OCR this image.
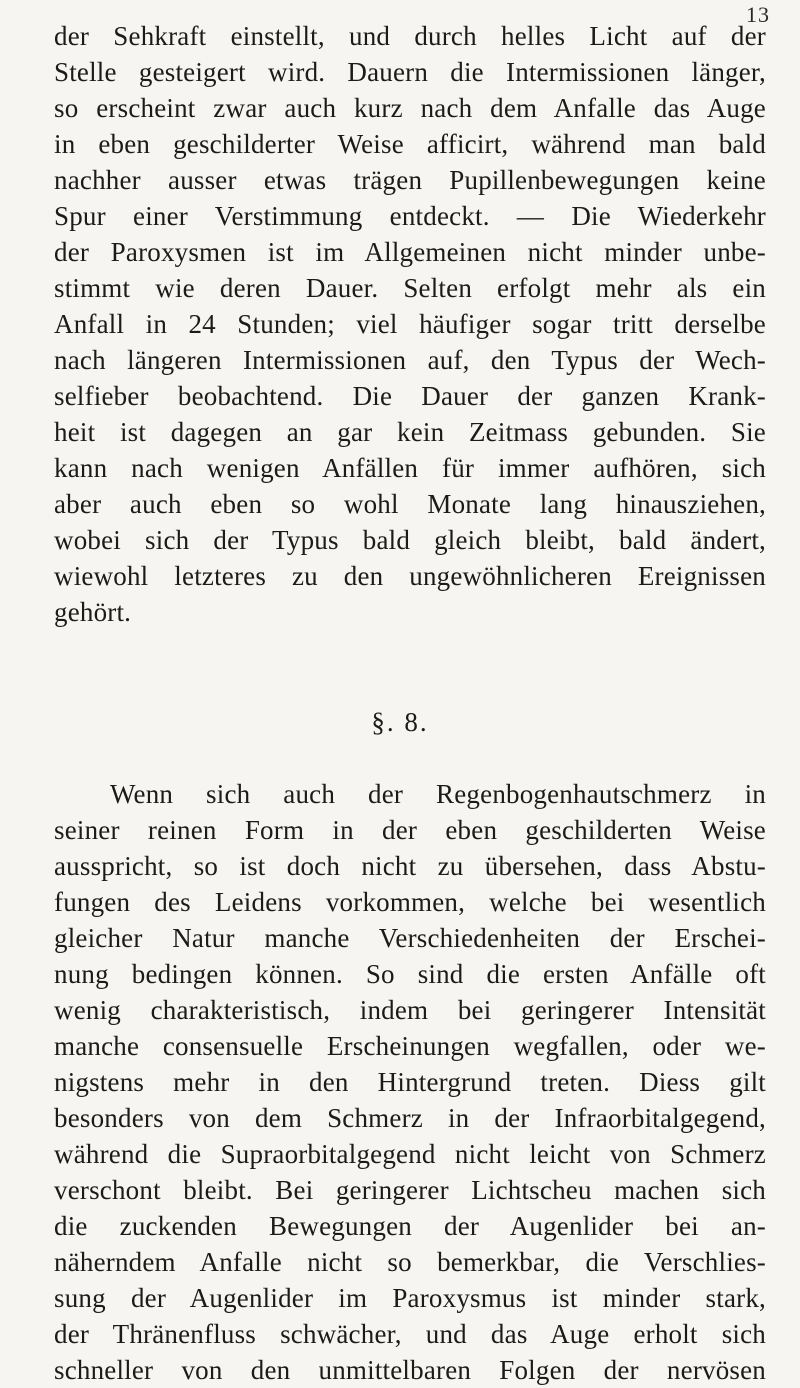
13
der Sehkraft einstellt, und durch helles Licht auf der
Stelle gesteigert wird. Dauern die Intermissionen länger,
so erscheint zwar auch kurz nach dem Anfalle das Auge
in eben geschilderter Weise afficirt, während man bald
nachher ausser etwas trägen Pupillenbewegungen keine
Spur einer Verstimmung entdeckt. — Die Wiederkehr
der Paroxysmen ist im Allgemeinen nicht minder unbe-
stimmt wie deren Dauer. Selten erfolgt mehr als ein
Anfall in 24 Stunden; viel häufiger sogar tritt derselbe
nach längeren Intermissionen auf, den Typus der Wech-
selfieber beobachtend. Die Dauer der ganzen Krank-
heit ist dagegen an gar kein Zeitmass gebunden. Sie
kann nach wenigen Anfällen für immer aufhören, sich
aber auch eben so wohl Monate lang hinausziehen,
wobei sich der Typus bald gleich bleibt, bald ändert,
wiewohl letzteres zu den ungewöhnlicheren Ereignissen
gehört.
§. 8.
Wenn sich auch der Regenbogenhautschmerz in
seiner reinen Form in der eben geschilderten Weise
ausspricht, so ist doch nicht zu übersehen, dass Abstu-
fungen des Leidens vorkommen, welche bei wesentlich
gleicher Natur manche Verschiedenheiten der Erschei-
nung bedingen können. So sind die ersten Anfälle oft
wenig charakteristisch, indem bei geringerer Intensität
manche consensuelle Erscheinungen wegfallen, oder we-
nigstens mehr in den Hintergrund treten. Diess gilt
besonders von dem Schmerz in der Infraorbitalgegend,
während die Supraorbitalgegend nicht leicht von Schmerz
verschont bleibt. Bei geringerer Lichtscheu machen sich
die zuckenden Bewegungen der Augenlider bei an-
näherndem Anfalle nicht so bemerkbar, die Verschlies-
sung der Augenlider im Paroxysmus ist minder stark,
der Thränenfluss schwächer, und das Auge erholt sich
schneller von den unmittelbaren Folgen der nervösen
